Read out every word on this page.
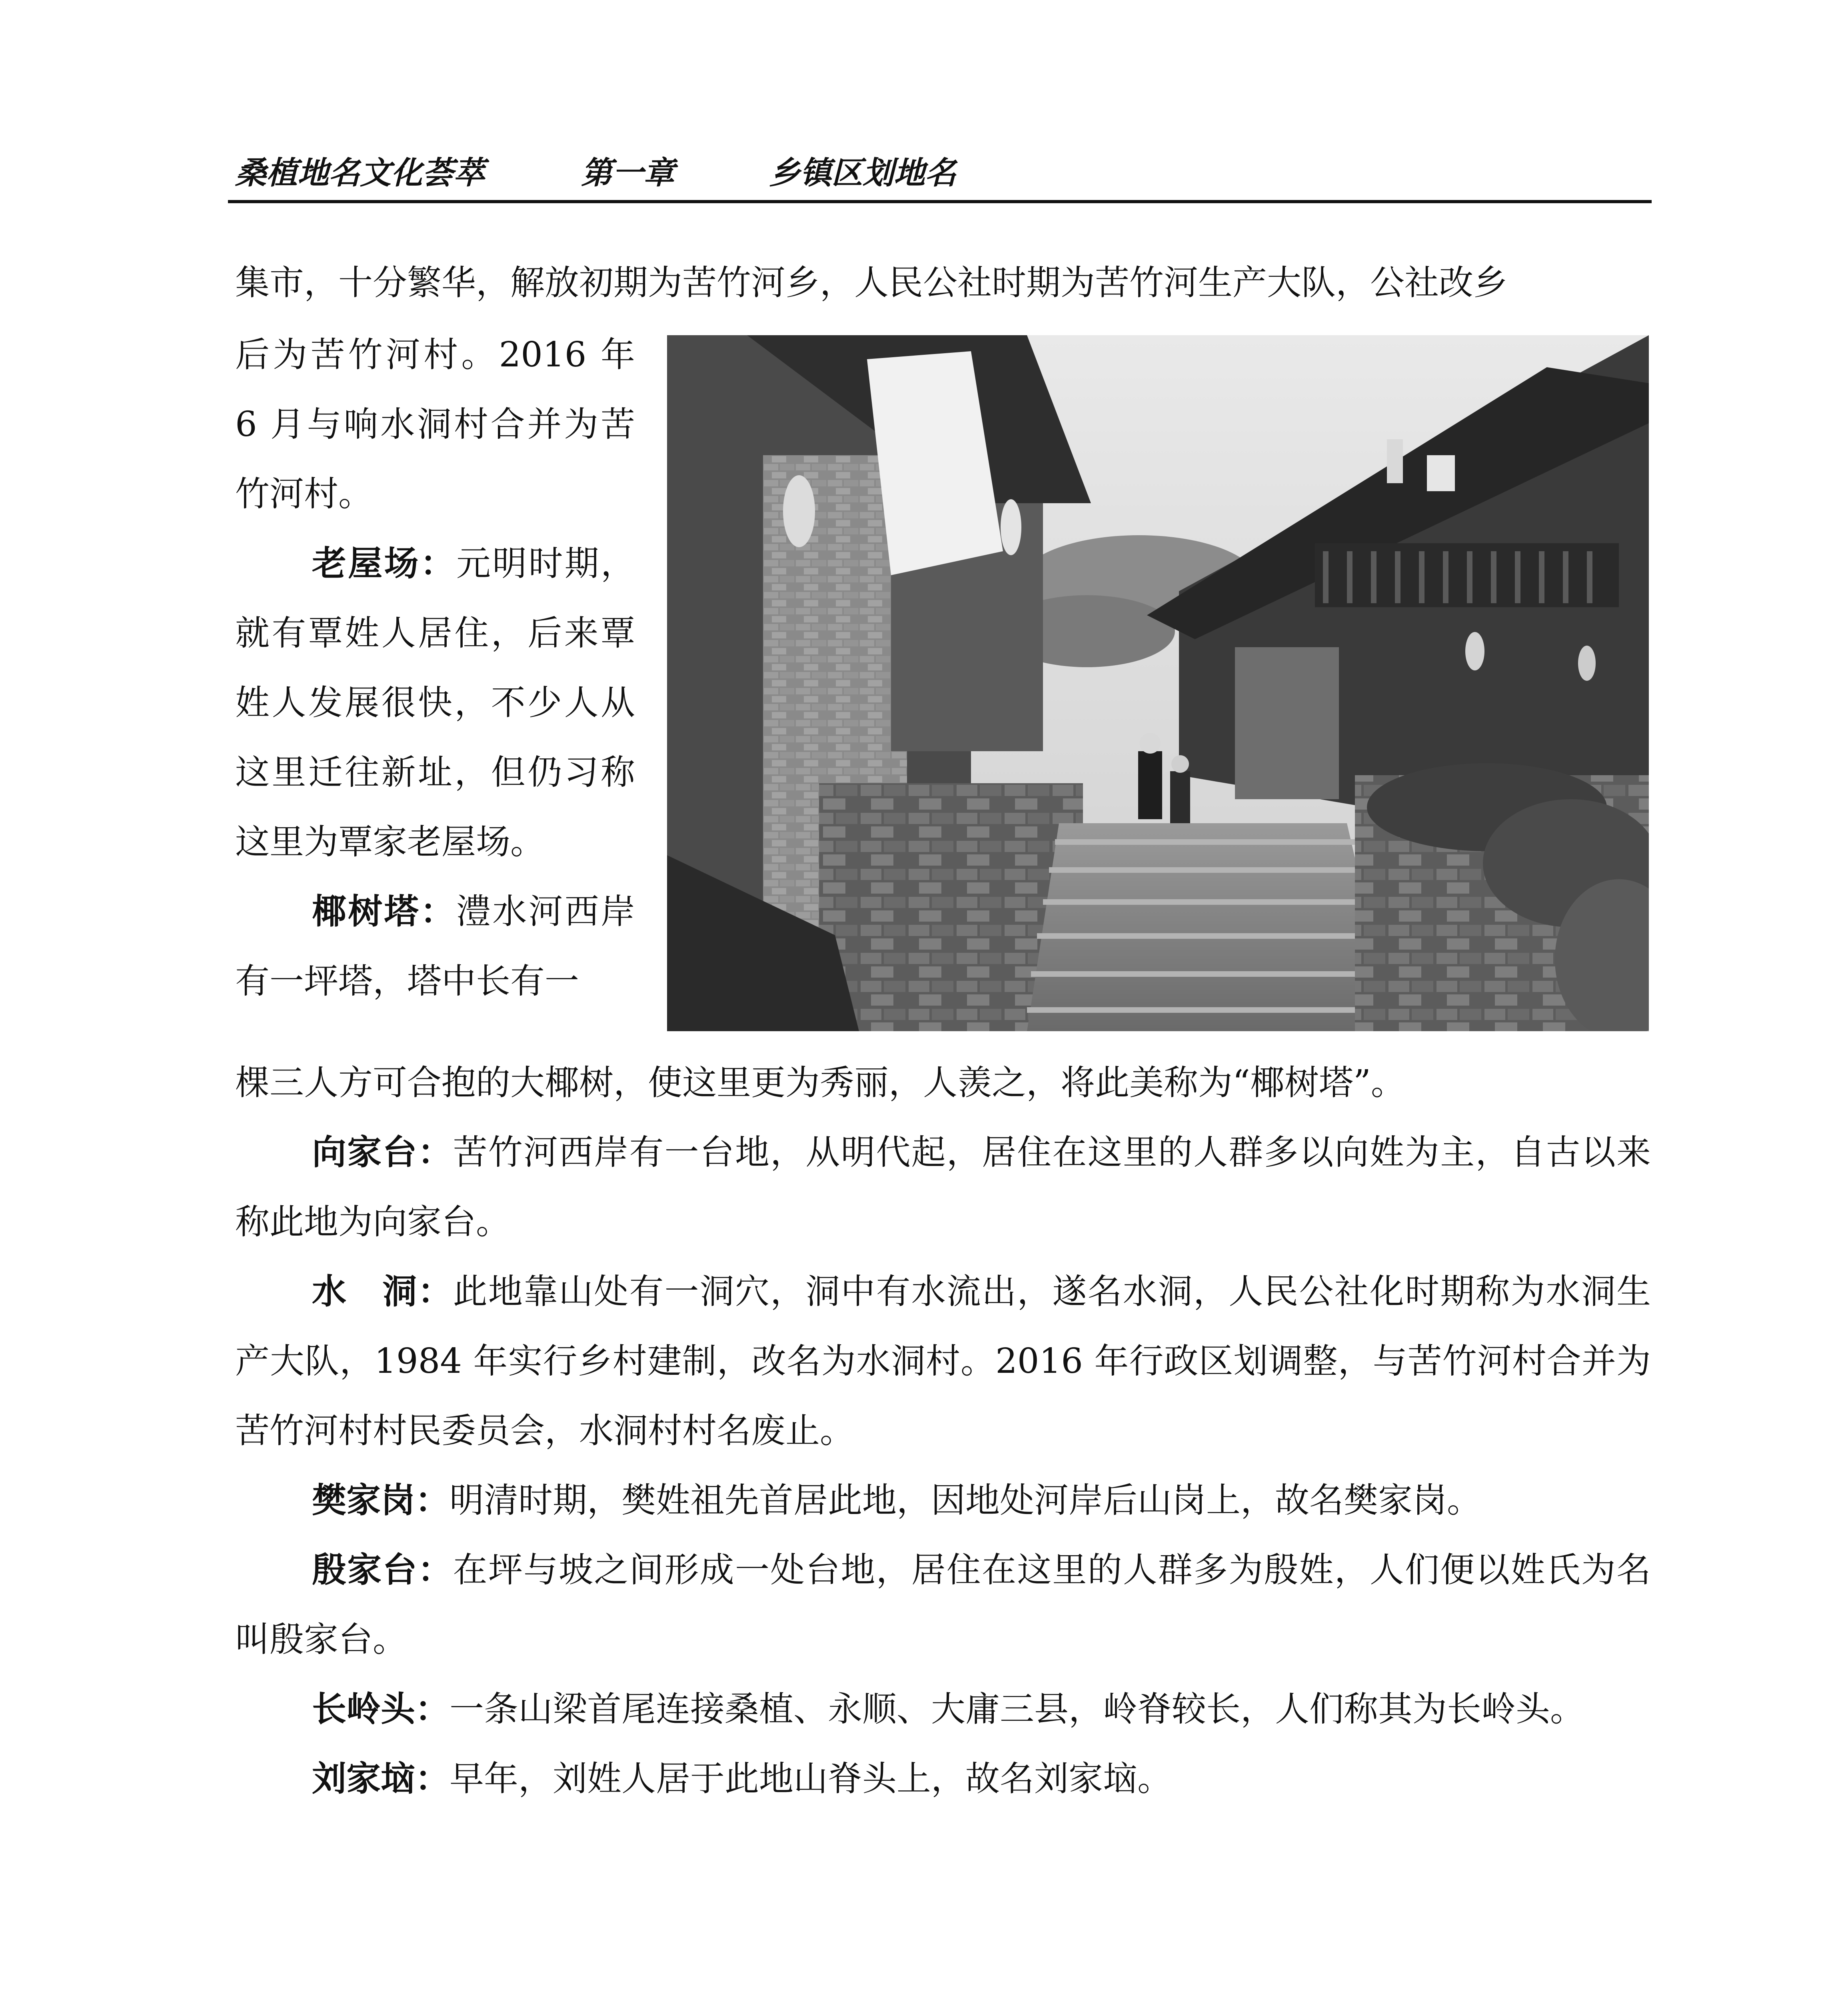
桑植地名文化荟萃	第一章	乡镇区划地名

集市，十分繁华，解放初期为苦竹河乡，人民公社时期为苦竹河生产大队，公社改乡

后为苦竹河村。2016 年 6 月与响水洞村合并为苦竹河村。

老屋场：元明时期，就有覃姓人居住，后来覃姓人发展很快，不少人从这里迁往新址，但仍习称这里为覃家老屋场。

椰树塔：澧水河西岸有一坪塔，塔中长有一

棵三人方可合抱的大椰树，使这里更为秀丽，人羡之，将此美称为“椰树塔”。

向家台：苦竹河西岸有一台地，从明代起，居住在这里的人群多以向姓为主，自古以来称此地为向家台。

水　洞：此地靠山处有一洞穴，洞中有水流出，遂名水洞，人民公社化时期称为水洞生产大队，1984 年实行乡村建制，改名为水洞村。2016 年行政区划调整，与苦竹河村合并为苦竹河村村民委员会，水洞村村名废止。

樊家岗：明清时期，樊姓祖先首居此地，因地处河岸后山岗上，故名樊家岗。

殷家台：在坪与坡之间形成一处台地，居住在这里的人群多为殷姓，人们便以姓氏为名叫殷家台。

长岭头：一条山梁首尾连接桑植、永顺、大庸三县，岭脊较长，人们称其为长岭头。

刘家垴：早年，刘姓人居于此地山脊头上，故名刘家垴。
